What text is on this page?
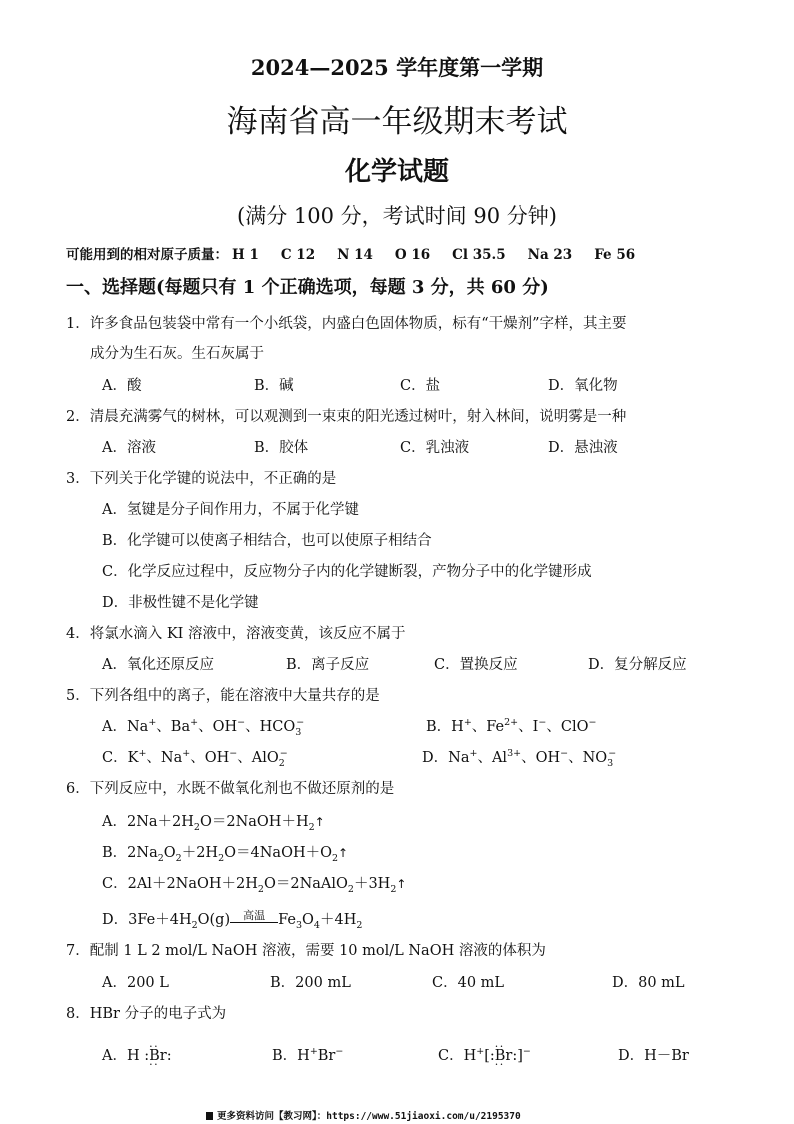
2024—2025 学年度第一学期
海南省高一年级期末考试
化学试题
(满分 100 分，考试时间 90 分钟)
可能用到的相对原子质量： H 1 C 12 N 14 O 16 Cl 35.5 Na 23 Fe 56
一、选择题(每题只有 1 个正确选项，每题 3 分，共 60 分)
1．许多食品包装袋中常有一个小纸袋，内盛白色固体物质，标有“干燥剂”字样，其主要
成分为生石灰。生石灰属于
A．酸	B．碱	C．盐	D．氧化物
2．清晨充满雾气的树林，可以观测到一束束的阳光透过树叶，射入林间，说明雾是一种
A．溶液	B．胶体	C．乳浊液	D．悬浊液
3．下列关于化学键的说法中，不正确的是
A．氢键是分子间作用力，不属于化学键
B．化学键可以使离子相结合，也可以使原子相结合
C．化学反应过程中，反应物分子内的化学键断裂，产物分子中的化学键形成
D．非极性键不是化学键
4．将氯水滴入 KI 溶液中，溶液变黄，该反应不属于
A．氧化还原反应	B．离子反应	C．置换反应	D．复分解反应
5．下列各组中的离子，能在溶液中大量共存的是
A．Na+、Ba+、OH−、$HCO_3^-$	B．H+、$Fe^{2+}$、I−、ClO−
C．K+、Na+、OH−、AlO$_2$−	D．Na+、$Al^{3+}$、OH−、$NO_3^-$
6．下列反应中，水既不做氧化剂也不做还原剂的是
A．$2Na+2H_2O=2NaOH+H_2↑$
B．$2Na_2O_2+2H_2O=4NaOH+O_2↑$
C．$2Al+2NaOH+2H_2O=2NaAlO_2+3H_2↑$
D．$3Fe+4H_2O(g)$	高温 $Fe_3O_4+4H_2$
7．配制 1 L 2 mol/L NaOH 溶液，需要 10 mol/L NaOH 溶液的体积为
A．200 L	B．200 mL	C．40 mL	D．80 mL
8．HBr 分子的电子式为
A．H :· · Br · ·:	B．H+Br−	C．H+[:· · Br · ·:]−	D．H－Br
更多资料访问【教习网】：https://www.51jiaoxi.com/u/2195370
